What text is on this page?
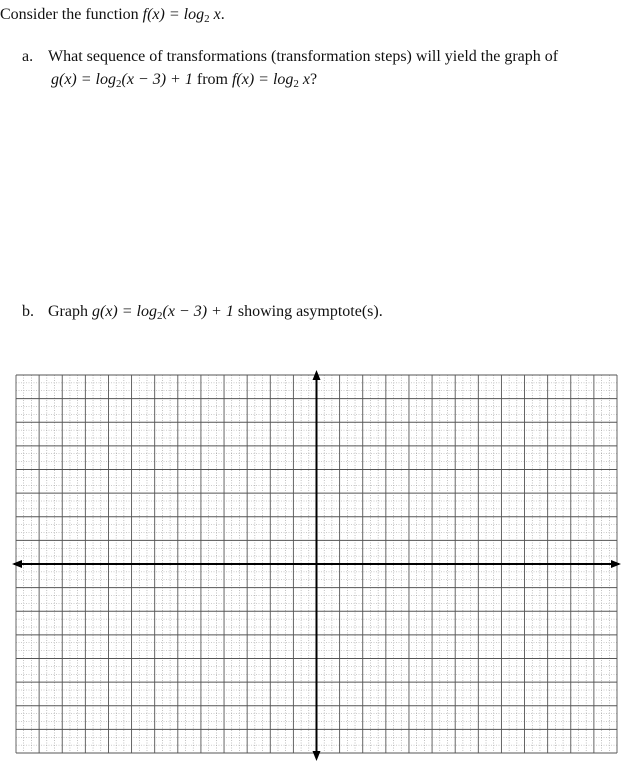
Consider the function $f(x) = \log_2 x$.
a. What sequence of transformations (transformation steps) will yield the graph of
$g(x) = \log_2(x - 3) + 1$ from $f(x) = \log_2 x$?
b. Graph $g(x) = \log_2(x - 3) + 1$ showing asymptote(s).
